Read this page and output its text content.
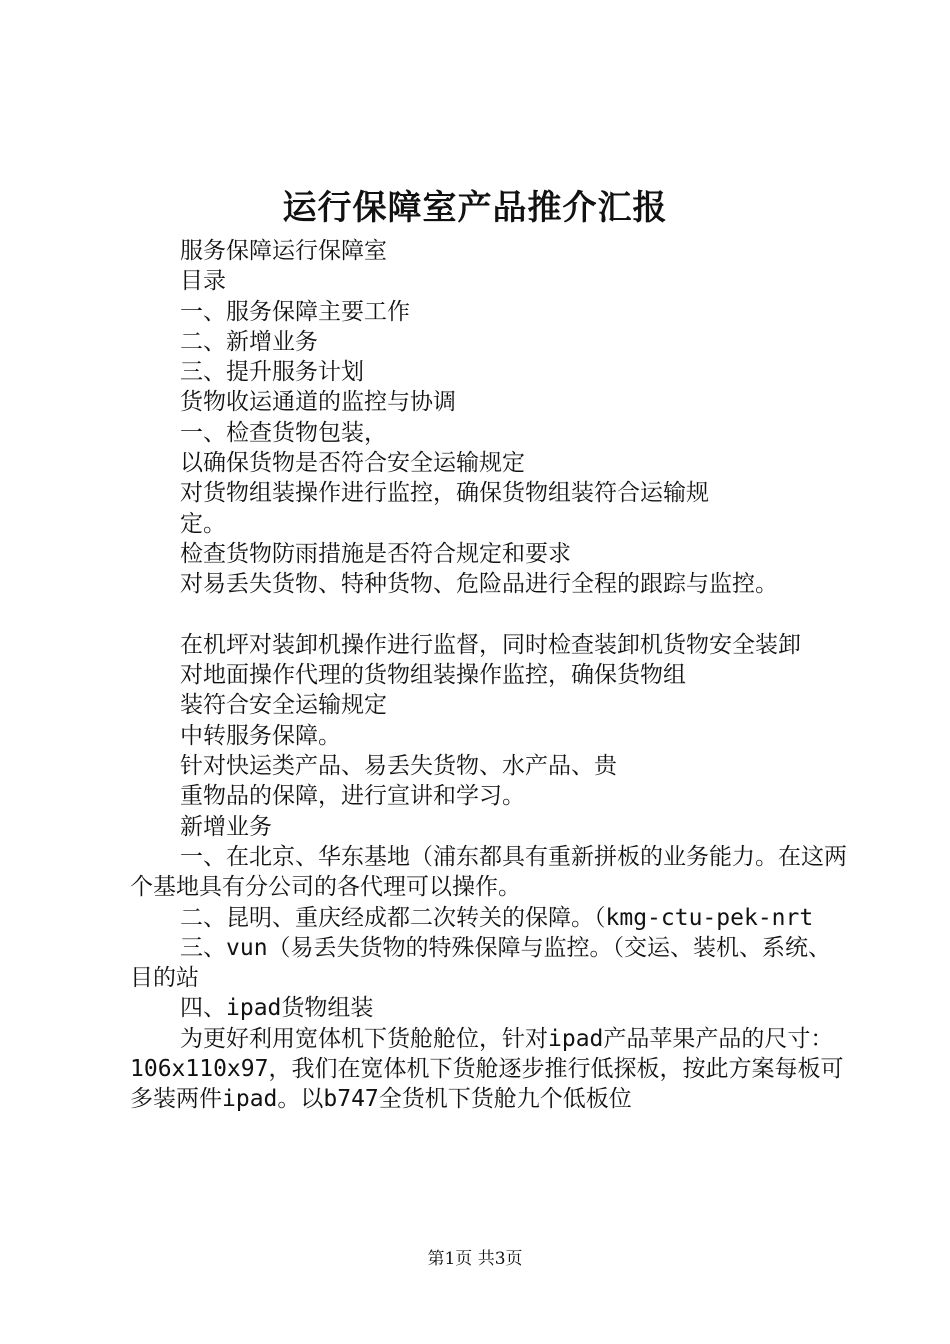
运行保障室产品推介汇报

服务保障运行保障室

目录

一、服务保障主要工作

二、新增业务

三、提升服务计划

货物收运通道的监控与协调

一、检查货物包装，

以确保货物是否符合安全运输规定

对货物组装操作进行监控，确保货物组装符合运输规

定。

检查货物防雨措施是否符合规定和要求

对易丢失货物、特种货物、危险品进行全程的跟踪与监控。

在机坪对装卸机操作进行监督，同时检查装卸机货物安全装卸

对地面操作代理的货物组装操作监控，确保货物组

装符合安全运输规定

中转服务保障。

针对快运类产品、易丢失货物、水产品、贵

重物品的保障，进行宣讲和学习。

新增业务

一、在北京、华东基地（浦东都具有重新拼板的业务能力。在这两个基地具有分公司的各代理可以操作。

二、昆明、重庆经成都二次转关的保障。（kmg-ctu-pek-nrt

三、vun（易丢失货物的特殊保障与监控。（交运、装机、系统、目的站

四、ipad货物组装

为更好利用宽体机下货舱舱位，针对ipad产品苹果产品的尺寸：106x110x97，我们在宽体机下货舱逐步推行低探板，按此方案每板可多装两件ipad。以b747全货机下货舱九个低板位

第1页 共3页
